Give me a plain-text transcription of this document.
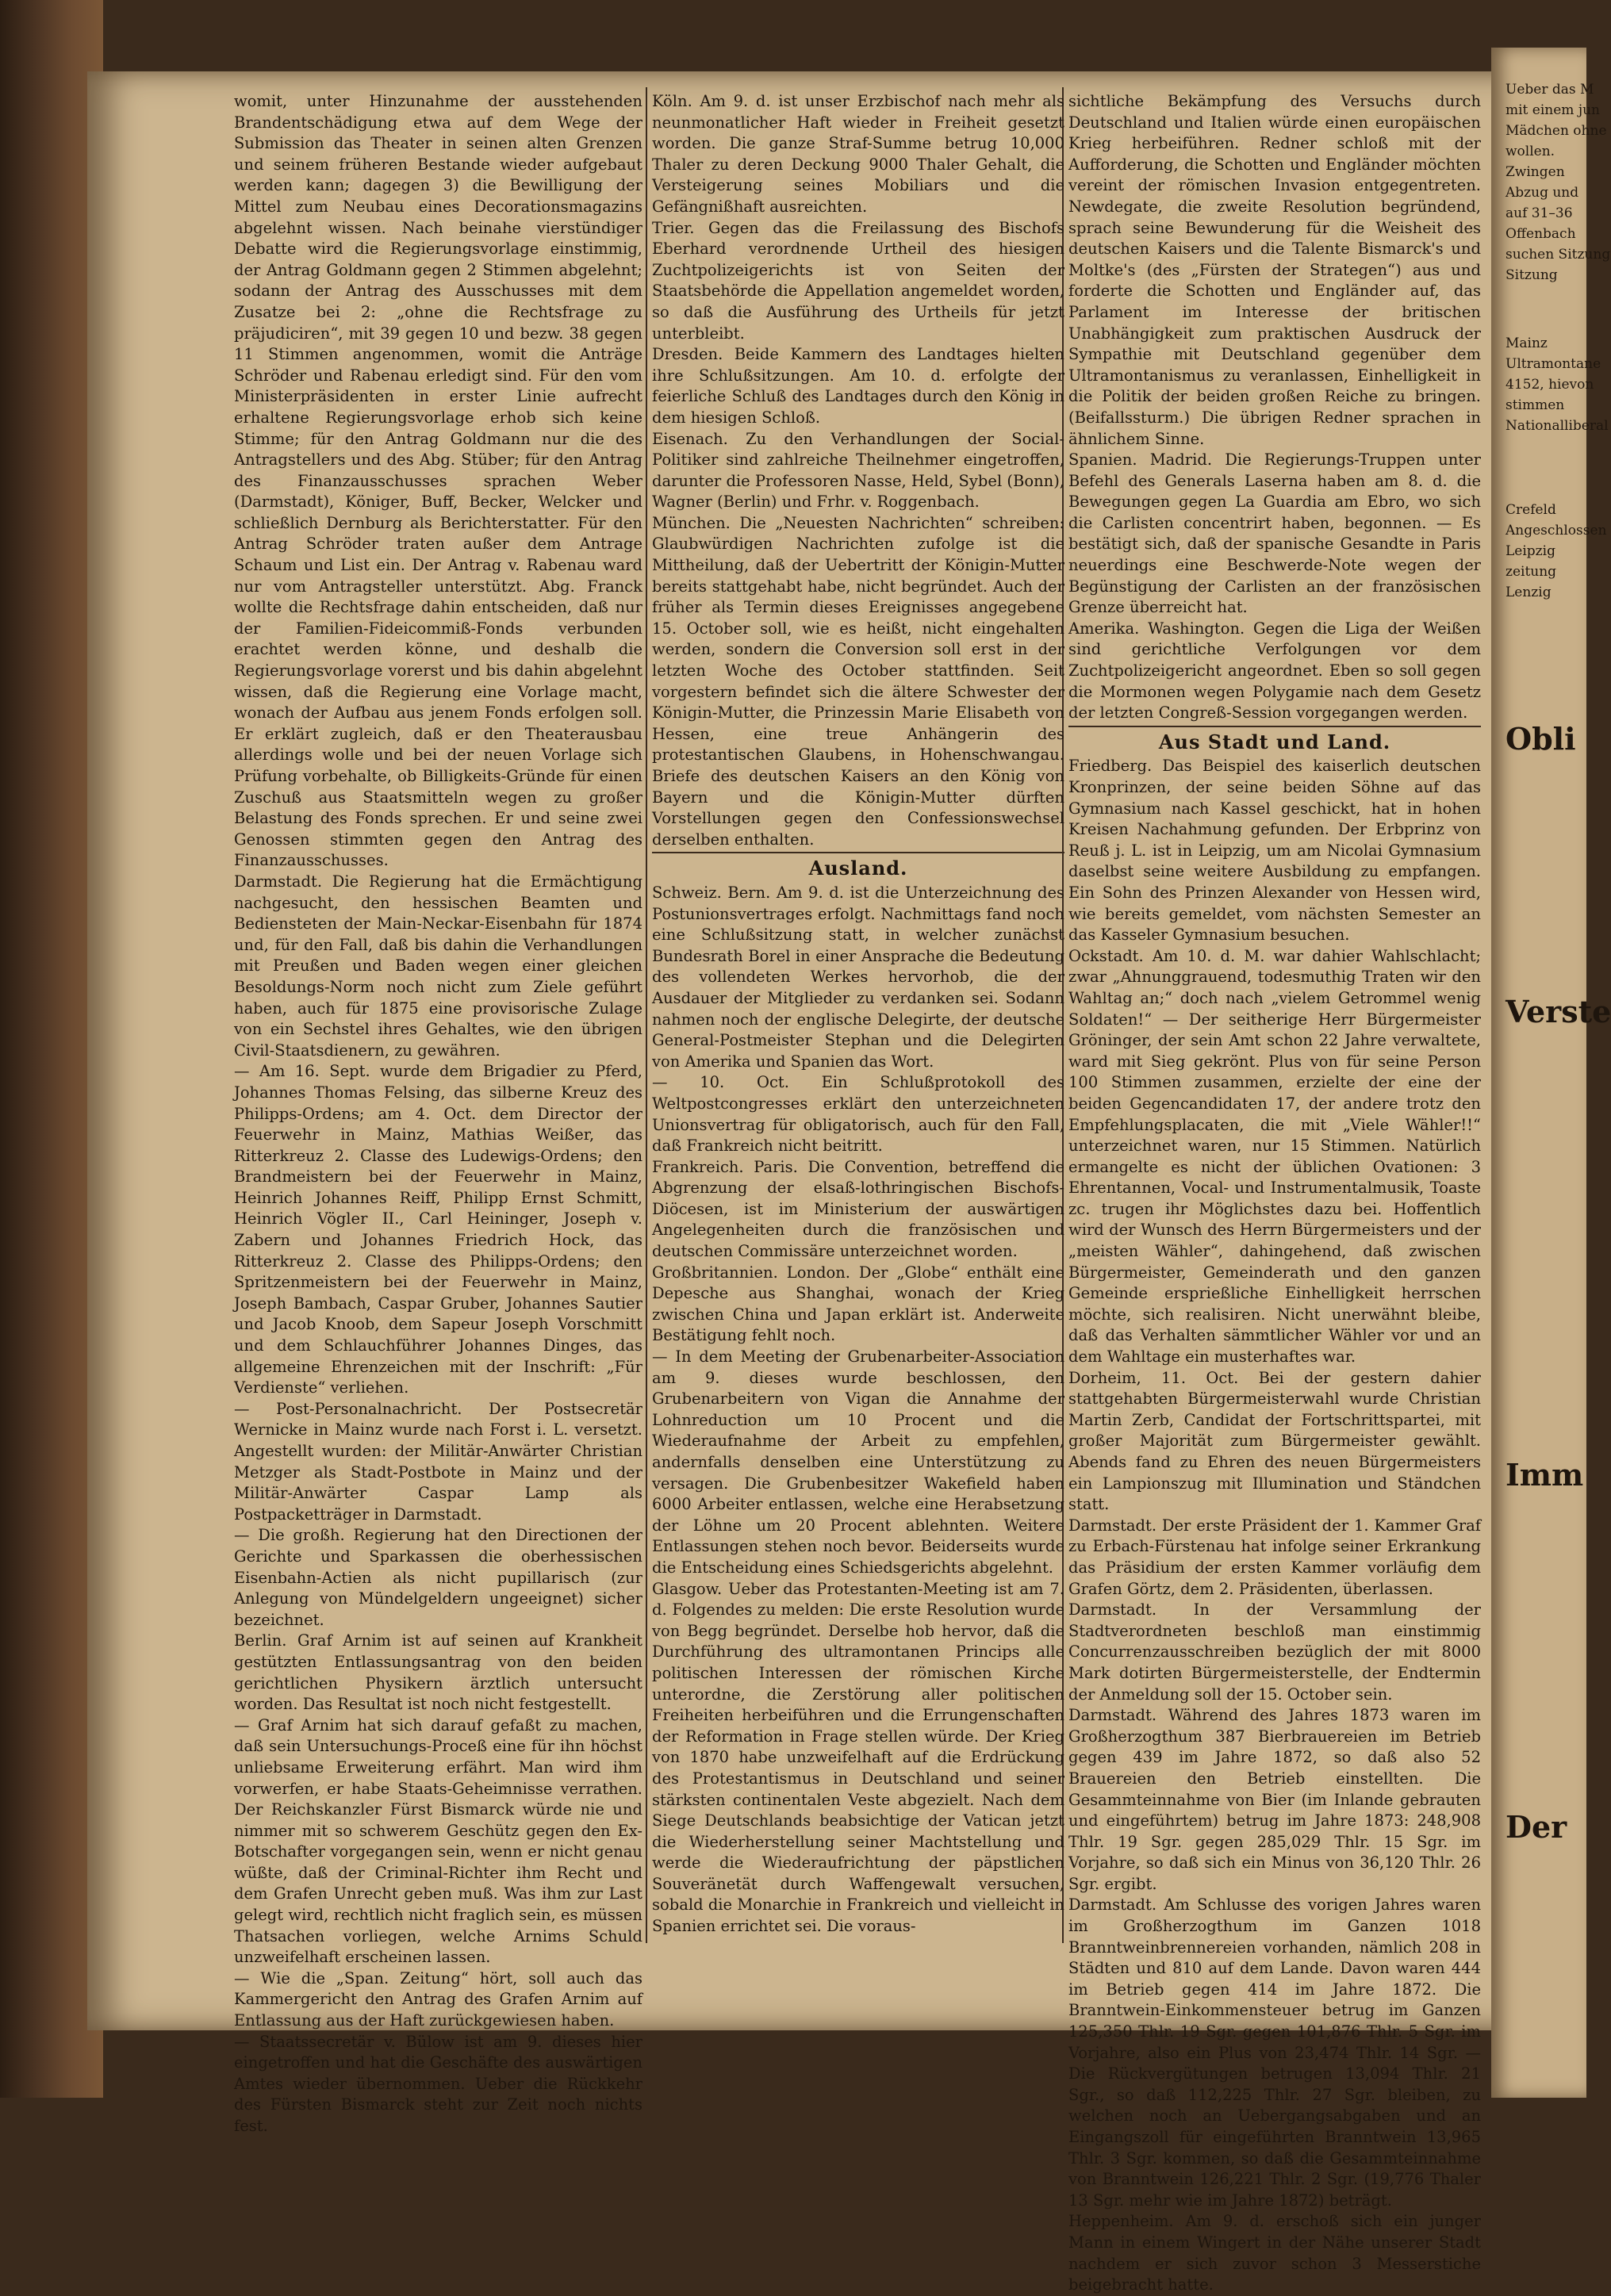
womit, unter Hinzunahme der ausstehenden Brandentschädigung etwa auf dem Wege der Submission das Theater in seinen alten Grenzen und seinem früheren Bestande wieder aufgebaut werden kann; dagegen 3) die Bewilligung der Mittel zum Neubau eines Decorationsmagazins abgelehnt wissen. Nach beinahe vierstündiger Debatte wird die Regierungsvorlage einstimmig, der Antrag Goldmann gegen 2 Stimmen abgelehnt; sodann der Antrag des Ausschusses mit dem Zusatze bei 2: „ohne die Rechtsfrage zu präjudiciren“, mit 39 gegen 10 und bezw. 38 gegen 11 Stimmen angenommen, womit die Anträge Schröder und Rabenau erledigt sind. Für den vom Ministerpräsidenten in erster Linie aufrecht erhaltene Regierungsvorlage erhob sich keine Stimme; für den Antrag Goldmann nur die des Antragstellers und des Abg. Stüber; für den Antrag des Finanzausschusses sprachen Weber (Darmstadt), Königer, Buff, Becker, Welcker und schließlich Dernburg als Berichterstatter. Für den Antrag Schröder traten außer dem Antrage Schaum und List ein. Der Antrag v. Rabenau ward nur vom Antragsteller unterstützt. Abg. Franck wollte die Rechtsfrage dahin entscheiden, daß nur der Familien-Fideicommiß-Fonds verbunden erachtet werden könne, und deshalb die Regierungsvorlage vorerst und bis dahin abgelehnt wissen, daß die Regierung eine Vorlage macht, wonach der Aufbau aus jenem Fonds erfolgen soll. Er erklärt zugleich, daß er den Theaterausbau allerdings wolle und bei der neuen Vorlage sich Prüfung vorbehalte, ob Billigkeits-Gründe für einen Zuschuß aus Staatsmitteln wegen zu großer Belastung des Fonds sprechen. Er und seine zwei Genossen stimmten gegen den Antrag des Finanzausschusses.

Darmstadt. Die Regierung hat die Ermächtigung nachgesucht, den hessischen Beamten und Bediensteten der Main-Neckar-Eisenbahn für 1874 und, für den Fall, daß bis dahin die Verhandlungen mit Preußen und Baden wegen einer gleichen Besoldungs-Norm noch nicht zum Ziele geführt haben, auch für 1875 eine provisorische Zulage von ein Sechstel ihres Gehaltes, wie den übrigen Civil-Staatsdienern, zu gewähren.

— Am 16. Sept. wurde dem Brigadier zu Pferd, Johannes Thomas Felsing, das silberne Kreuz des Philipps-Ordens; am 4. Oct. dem Director der Feuerwehr in Mainz, Mathias Weißer, das Ritterkreuz 2. Classe des Ludewigs-Ordens; den Brandmeistern bei der Feuerwehr in Mainz, Heinrich Johannes Reiff, Philipp Ernst Schmitt, Heinrich Vögler II., Carl Heininger, Joseph v. Zabern und Johannes Friedrich Hock, das Ritterkreuz 2. Classe des Philipps-Ordens; den Spritzenmeistern bei der Feuerwehr in Mainz, Joseph Bambach, Caspar Gruber, Johannes Sautier und Jacob Knoob, dem Sapeur Joseph Vorschmitt und dem Schlauchführer Johannes Dinges, das allgemeine Ehrenzeichen mit der Inschrift: „Für Verdienste“ verliehen.

— Post-Personalnachricht. Der Postsecretär Wernicke in Mainz wurde nach Forst i. L. versetzt. Angestellt wurden: der Militär-Anwärter Christian Metzger als Stadt-Postbote in Mainz und der Militär-Anwärter Caspar Lamp als Postpacketträger in Darmstadt.

— Die großh. Regierung hat den Directionen der Gerichte und Sparkassen die oberhessischen Eisenbahn-Actien als nicht pupillarisch (zur Anlegung von Mündelgeldern ungeeignet) sicher bezeichnet.

Berlin. Graf Arnim ist auf seinen auf Krankheit gestützten Entlassungsantrag von den beiden gerichtlichen Physikern ärztlich untersucht worden. Das Resultat ist noch nicht festgestellt.

— Graf Arnim hat sich darauf gefaßt zu machen, daß sein Untersuchungs-Proceß eine für ihn höchst unliebsame Erweiterung erfährt. Man wird ihm vorwerfen, er habe Staats-Geheimnisse verrathen. Der Reichskanzler Fürst Bismarck würde nie und nimmer mit so schwerem Geschütz gegen den Ex-Botschafter vorgegangen sein, wenn er nicht genau wüßte, daß der Criminal-Richter ihm Recht und dem Grafen Unrecht geben muß. Was ihm zur Last gelegt wird, rechtlich nicht fraglich sein, es müssen Thatsachen vorliegen, welche Arnims Schuld unzweifelhaft erscheinen lassen.

— Wie die „Span. Zeitung“ hört, soll auch das Kammergericht den Antrag des Grafen Arnim auf Entlassung aus der Haft zurückgewiesen haben.

— Staatssecretär v. Bülow ist am 9. dieses hier eingetroffen und hat die Geschäfte des auswärtigen Amtes wieder übernommen. Ueber die Rückkehr des Fürsten Bismarck steht zur Zeit noch nichts fest.

Köln. Am 9. d. ist unser Erzbischof nach mehr als neunmonatlicher Haft wieder in Freiheit gesetzt worden. Die ganze Straf-Summe betrug 10,000 Thaler zu deren Deckung 9000 Thaler Gehalt, die Versteigerung seines Mobiliars und die Gefängnißhaft ausreichten.

Trier. Gegen das die Freilassung des Bischofs Eberhard verordnende Urtheil des hiesigen Zuchtpolizeigerichts ist von Seiten der Staatsbehörde die Appellation angemeldet worden, so daß die Ausführung des Urtheils für jetzt unterbleibt.

Dresden. Beide Kammern des Landtages hielten ihre Schlußsitzungen. Am 10. d. erfolgte der feierliche Schluß des Landtages durch den König in dem hiesigen Schloß.

Eisenach. Zu den Verhandlungen der Social-Politiker sind zahlreiche Theilnehmer eingetroffen, darunter die Professoren Nasse, Held, Sybel (Bonn), Wagner (Berlin) und Frhr. v. Roggenbach.

München. Die „Neuesten Nachrichten“ schreiben: Glaubwürdigen Nachrichten zufolge ist die Mittheilung, daß der Uebertritt der Königin-Mutter bereits stattgehabt habe, nicht begründet. Auch der früher als Termin dieses Ereignisses angegebene 15. October soll, wie es heißt, nicht eingehalten werden, sondern die Conversion soll erst in der letzten Woche des October stattfinden. Seit vorgestern befindet sich die ältere Schwester der Königin-Mutter, die Prinzessin Marie Elisabeth von Hessen, eine treue Anhängerin des protestantischen Glaubens, in Hohenschwangau. Briefe des deutschen Kaisers an den König von Bayern und die Königin-Mutter dürften Vorstellungen gegen den Confessionswechsel derselben enthalten.

Ausland.

Schweiz. Bern. Am 9. d. ist die Unterzeichnung des Postunionsvertrages erfolgt. Nachmittags fand noch eine Schlußsitzung statt, in welcher zunächst Bundesrath Borel in einer Ansprache die Bedeutung des vollendeten Werkes hervorhob, die der Ausdauer der Mitglieder zu verdanken sei. Sodann nahmen noch der englische Delegirte, der deutsche General-Postmeister Stephan und die Delegirten von Amerika und Spanien das Wort.

— 10. Oct. Ein Schlußprotokoll des Weltpostcongresses erklärt den unterzeichneten Unionsvertrag für obligatorisch, auch für den Fall, daß Frankreich nicht beitritt.

Frankreich. Paris. Die Convention, betreffend die Abgrenzung der elsaß-lothringischen Bischofs-Diöcesen, ist im Ministerium der auswärtigen Angelegenheiten durch die französischen und deutschen Commissäre unterzeichnet worden.

Großbritannien. London. Der „Globe“ enthält eine Depesche aus Shanghai, wonach der Krieg zwischen China und Japan erklärt ist. Anderweite Bestätigung fehlt noch.

— In dem Meeting der Grubenarbeiter-Association am 9. dieses wurde beschlossen, den Grubenarbeitern von Vigan die Annahme der Lohnreduction um 10 Procent und die Wiederaufnahme der Arbeit zu empfehlen, andernfalls denselben eine Unterstützung zu versagen. Die Grubenbesitzer Wakefield haben 6000 Arbeiter entlassen, welche eine Herabsetzung der Löhne um 20 Procent ablehnten. Weitere Entlassungen stehen noch bevor. Beiderseits wurde die Entscheidung eines Schiedsgerichts abgelehnt.

Glasgow. Ueber das Protestanten-Meeting ist am 7. d. Folgendes zu melden: Die erste Resolution wurde von Begg begründet. Derselbe hob hervor, daß die Durchführung des ultramontanen Princips alle politischen Interessen der römischen Kirche unterordne, die Zerstörung aller politischen Freiheiten herbeiführen und die Errungenschaften der Reformation in Frage stellen würde. Der Krieg von 1870 habe unzweifelhaft auf die Erdrückung des Protestantismus in Deutschland und seiner stärksten continentalen Veste abgezielt. Nach dem Siege Deutschlands beabsichtige der Vatican jetzt die Wiederherstellung seiner Machtstellung und werde die Wiederaufrichtung der päpstlichen Souveränetät durch Waffengewalt versuchen, sobald die Monarchie in Frankreich und vielleicht in Spanien errichtet sei. Die voraus-

sichtliche Bekämpfung des Versuchs durch Deutschland und Italien würde einen europäischen Krieg herbeiführen. Redner schloß mit der Aufforderung, die Schotten und Engländer möchten vereint der römischen Invasion entgegentreten. Newdegate, die zweite Resolution begründend, sprach seine Bewunderung für die Weisheit des deutschen Kaisers und die Talente Bismarck's und Moltke's (des „Fürsten der Strategen“) aus und forderte die Schotten und Engländer auf, das Parlament im Interesse der britischen Unabhängigkeit zum praktischen Ausdruck der Sympathie mit Deutschland gegenüber dem Ultramontanismus zu veranlassen, Einhelligkeit in die Politik der beiden großen Reiche zu bringen. (Beifallssturm.) Die übrigen Redner sprachen in ähnlichem Sinne.

Spanien. Madrid. Die Regierungs-Truppen unter Befehl des Generals Laserna haben am 8. d. die Bewegungen gegen La Guardia am Ebro, wo sich die Carlisten concentrirt haben, begonnen. — Es bestätigt sich, daß der spanische Gesandte in Paris neuerdings eine Beschwerde-Note wegen der Begünstigung der Carlisten an der französischen Grenze überreicht hat.

Amerika. Washington. Gegen die Liga der Weißen sind gerichtliche Verfolgungen vor dem Zuchtpolizeigericht angeordnet. Eben so soll gegen die Mormonen wegen Polygamie nach dem Gesetz der letzten Congreß-Session vorgegangen werden.

Aus Stadt und Land.

Friedberg. Das Beispiel des kaiserlich deutschen Kronprinzen, der seine beiden Söhne auf das Gymnasium nach Kassel geschickt, hat in hohen Kreisen Nachahmung gefunden. Der Erbprinz von Reuß j. L. ist in Leipzig, um am Nicolai Gymnasium daselbst seine weitere Ausbildung zu empfangen. Ein Sohn des Prinzen Alexander von Hessen wird, wie bereits gemeldet, vom nächsten Semester an das Kasseler Gymnasium besuchen.

Ockstadt. Am 10. d. M. war dahier Wahlschlacht; zwar „Ahnunggrauend, todesmuthig Traten wir den Wahltag an;“ doch nach „vielem Getrommel wenig Soldaten!“ — Der seitherige Herr Bürgermeister Gröninger, der sein Amt schon 22 Jahre verwaltete, ward mit Sieg gekrönt. Plus von für seine Person 100 Stimmen zusammen, erzielte der eine der beiden Gegencandidaten 17, der andere trotz den Empfehlungsplacaten, die mit „Viele Wähler!!“ unterzeichnet waren, nur 15 Stimmen. Natürlich ermangelte es nicht der üblichen Ovationen: 3 Ehrentannen, Vocal- und Instrumentalmusik, Toaste zc. trugen ihr Möglichstes dazu bei. Hoffentlich wird der Wunsch des Herrn Bürgermeisters und der „meisten Wähler“, dahingehend, daß zwischen Bürgermeister, Gemeinderath und den ganzen Gemeinde ersprießliche Einhelligkeit herrschen möchte, sich realisiren. Nicht unerwähnt bleibe, daß das Verhalten sämmtlicher Wähler vor und an dem Wahltage ein musterhaftes war.

Dorheim, 11. Oct. Bei der gestern dahier stattgehabten Bürgermeisterwahl wurde Christian Martin Zerb, Candidat der Fortschrittspartei, mit großer Majorität zum Bürgermeister gewählt. Abends fand zu Ehren des neuen Bürgermeisters ein Lampionszug mit Illumination und Ständchen statt.

Darmstadt. Der erste Präsident der 1. Kammer Graf zu Erbach-Fürstenau hat infolge seiner Erkrankung das Präsidium der ersten Kammer vorläufig dem Grafen Görtz, dem 2. Präsidenten, überlassen.

Darmstadt. In der Versammlung der Stadtverordneten beschloß man einstimmig Concurrenzausschreiben bezüglich der mit 8000 Mark dotirten Bürgermeisterstelle, der Endtermin der Anmeldung soll der 15. October sein.

Darmstadt. Während des Jahres 1873 waren im Großherzogthum 387 Bierbrauereien im Betrieb gegen 439 im Jahre 1872, so daß also 52 Brauereien den Betrieb einstellten. Die Gesammteinnahme von Bier (im Inlande gebrauten und eingeführtem) betrug im Jahre 1873: 248,908 Thlr. 19 Sgr. gegen 285,029 Thlr. 15 Sgr. im Vorjahre, so daß sich ein Minus von 36,120 Thlr. 26 Sgr. ergibt.

Darmstadt. Am Schlusse des vorigen Jahres waren im Großherzogthum im Ganzen 1018 Branntweinbrennereien vorhanden, nämlich 208 in Städten und 810 auf dem Lande. Davon waren 444 im Betrieb gegen 414 im Jahre 1872. Die Branntwein-Einkommensteuer betrug im Ganzen 125,350 Thlr. 19 Sgr. gegen 101,876 Thlr. 5 Sgr. im Vorjahre, also ein Plus von 23,474 Thlr. 14 Sgr. — Die Rückvergütungen betrugen 13,094 Thlr. 21 Sgr., so daß 112,225 Thlr. 27 Sgr. bleiben, zu welchen noch an Uebergangsabgaben und an Eingangszoll für eingeführten Branntwein 13,965 Thlr. 3 Sgr. kommen, so daß die Gesammteinnahme von Branntwein 126,221 Thlr. 2 Sgr. (19,776 Thaler 13 Sgr. mehr wie im Jahre 1872) beträgt.

Heppenheim. Am 9. d. erschoß sich ein junger Mann in einem Wingert in der Nähe unserer Stadt nachdem er sich zuvor schon 3 Messerstiche beigebracht hatte.

Ueber das M
mit einem jun
Mädchen ohne
wollen.
Zwingen
Abzug und
auf 31–36
Offenbach
suchen Sitzung
Sitzung
Mainz
Ultramontane
4152, hievon
stimmen
Nationalliberal
Crefeld
Angeschlossen
Leipzig
zeitung
Lenzig
Obli
Verste
Imm
Der
